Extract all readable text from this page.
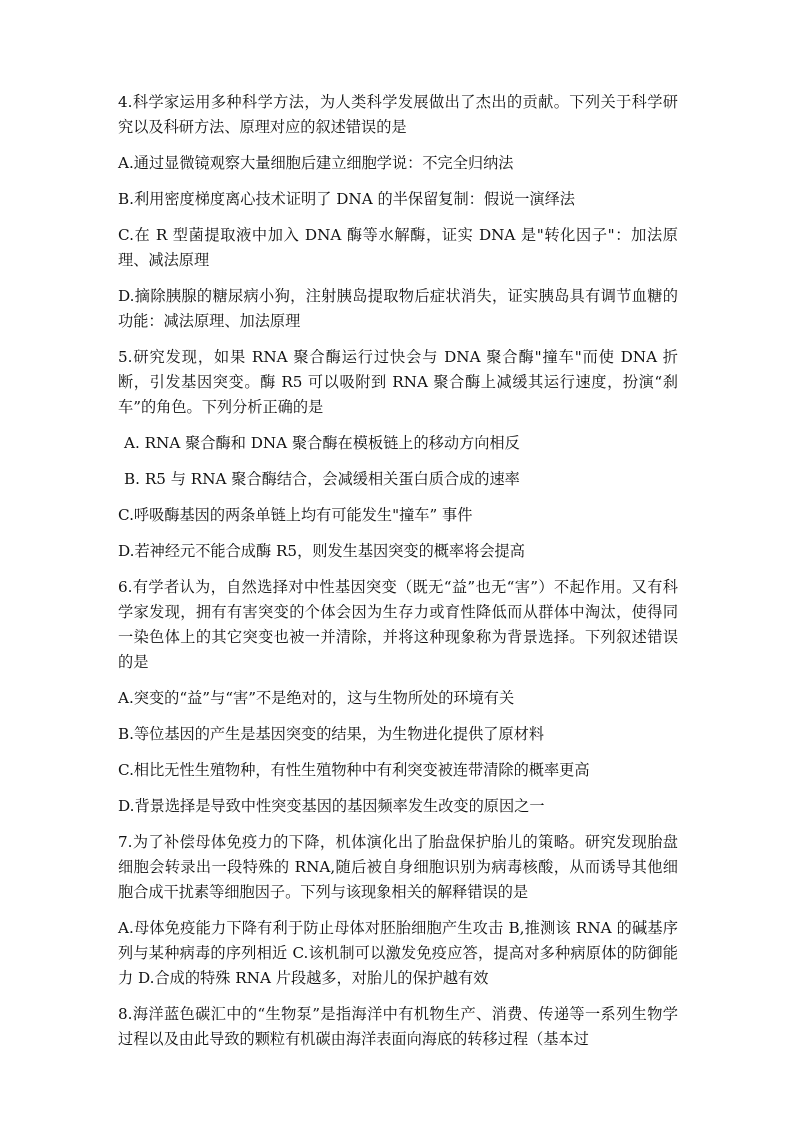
4.科学家运用多种科学方法，为人类科学发展做出了杰出的贡献。下列关于科学研究以及科研方法、原理对应的叙述错误的是

A.通过显微镜观察大量细胞后建立细胞学说：不完全归纳法

B.利用密度梯度离心技术证明了 DNA 的半保留复制：假说一演绎法

C.在 R 型菌提取液中加入 DNA 酶等水解酶，证实 DNA 是"转化因子"：加法原理、减法原理

D.摘除胰腺的糖尿病小狗，注射胰岛提取物后症状消失，证实胰岛具有调节血糖的功能：减法原理、加法原理

5.研究发现，如果 RNA 聚合酶运行过快会与 DNA 聚合酶"撞车"而使 DNA 折断，引发基因突变。酶 R5 可以吸附到 RNA 聚合酶上减缓其运行速度，扮演“刹车”的角色。下列分析正确的是

A. RNA 聚合酶和 DNA 聚合酶在模板链上的移动方向相反

B. R5 与 RNA 聚合酶结合，会减缓相关蛋白质合成的速率

C.呼吸酶基因的两条单链上均有可能发生"撞车” 事件

D.若神经元不能合成酶 R5，则发生基因突变的概率将会提高

6.有学者认为，自然选择对中性基因突变（既无“益”也无“害”）不起作用。又有科学家发现，拥有有害突变的个体会因为生存力或育性降低而从群体中淘汰，使得同一染色体上的其它突变也被一并清除，并将这种现象称为背景选择。下列叙述错误的是

A.突变的“益”与“害”不是绝对的，这与生物所处的环境有关

B.等位基因的产生是基因突变的结果，为生物进化提供了原材料

C.相比无性生殖物种，有性生殖物种中有利突变被连带清除的概率更高

D.背景选择是导致中性突变基因的基因频率发生改变的原因之一

7.为了补偿母体免疫力的下降，机体演化出了胎盘保护胎儿的策略。研究发现胎盘细胞会转录出一段特殊的 RNA,随后被自身细胞识别为病毒核酸，从而诱导其他细胞合成干扰素等细胞因子。下列与该现象相关的解释错误的是

A.母体免疫能力下降有利于防止母体对胚胎细胞产生攻击 B,推测该 RNA 的碱基序列与某种病毒的序列相近 C.该机制可以激发免疫应答，提高对多种病原体的防御能力 D.合成的特殊 RNA 片段越多，对胎儿的保护越有效

8.海洋蓝色碳汇中的“生物泵”是指海洋中有机物生产、消费、传递等一系列生物学过程以及由此导致的颗粒有机碳由海洋表面向海底的转移过程（基本过
